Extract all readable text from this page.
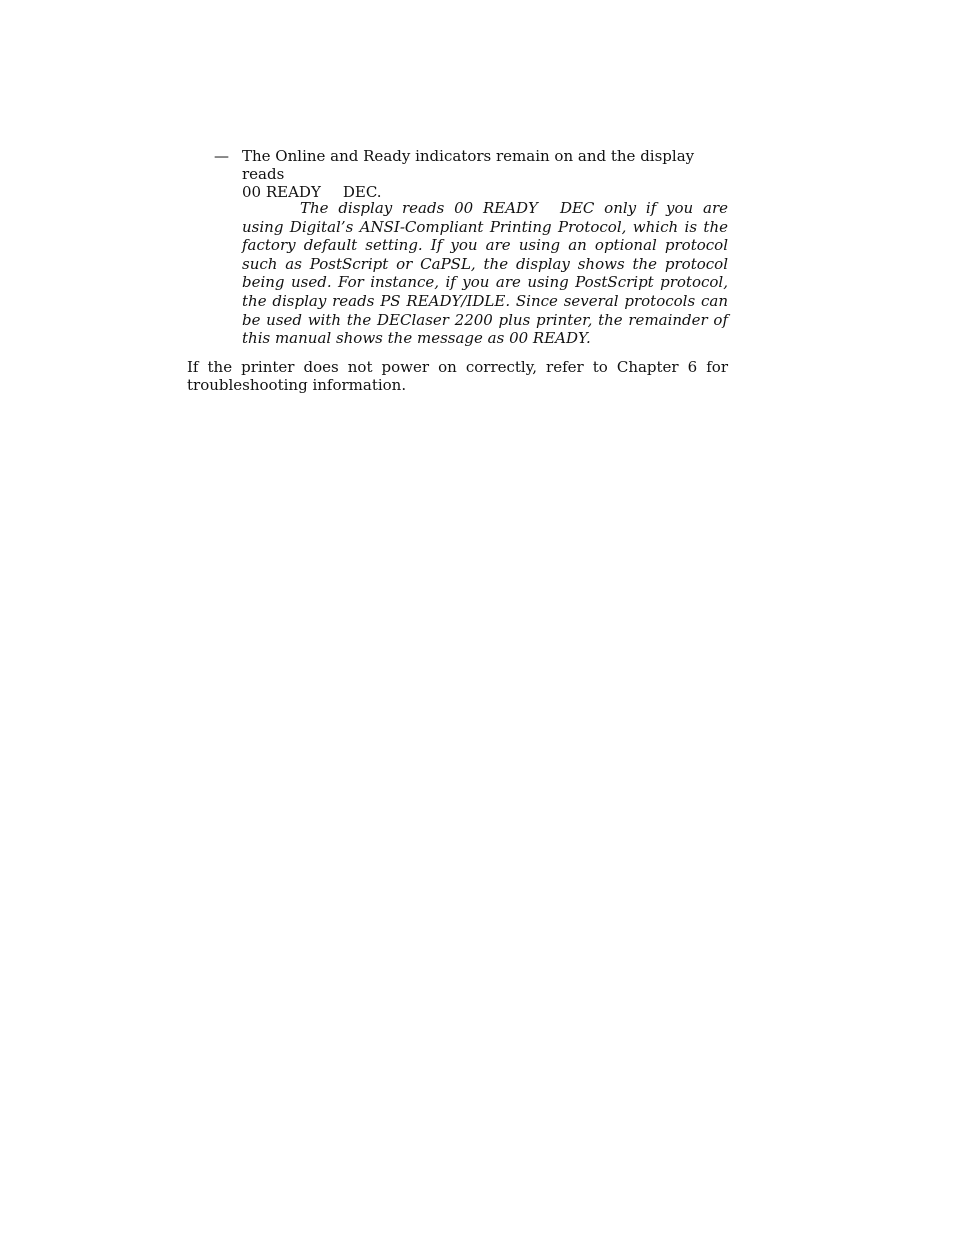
— The Online and Ready indicators remain on and the display reads
00 READY DEC.
The display reads 00 READY DEC only if you are using Digital’s ANSI-Compliant Printing Protocol, which is the factory default setting. If you are using an optional protocol such as PostScript or CaPSL, the display shows the protocol being used. For instance, if you are using PostScript protocol, the display reads PS READY/IDLE. Since several protocols can be used with the DEClaser 2200 plus printer, the remainder of this manual shows the message as 00 READY.
If the printer does not power on correctly, refer to Chapter 6 for troubleshooting information.
